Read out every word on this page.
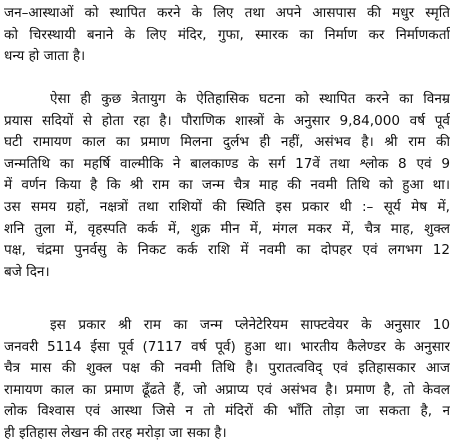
जन–आस्थाओं को स्थापित करने के लिए तथा अपने आसपास की मधुर स्मृति
को चिरस्थायी बनाने के लिए मंदिर, गुफा, स्मारक का निर्माण कर निर्माणकर्ता
धन्य हो जाता है।
ऐसा ही कुछ त्रेतायुग के ऐतिहासिक घटना को स्थापित करने का विनम्र
प्रयास सदियों से होता रहा है। पौराणिक शास्त्रों के अनुसार 9,84,000 वर्ष पूर्व
घटी रामायण काल का प्रमाण मिलना दुर्लभ ही नहीं, असंभव है। श्री राम की
जन्मतिथि का महर्षि वाल्मीकि ने बालकाण्ड के सर्ग 17वें तथा श्लोक 8 एवं 9
में वर्णन किया है कि श्री राम का जन्म चैत्र माह की नवमी तिथि को हुआ था।
उस समय ग्रहों, नक्षत्रों तथा राशियों की स्थिति इस प्रकार थी :– सूर्य मेष में,
शनि तुला में, वृहस्पति कर्क में, शुक्र मीन में, मंगल मकर में, चैत्र माह, शुक्ल
पक्ष, चंद्रमा पुनर्वसु के निकट कर्क राशि में नवमी का दोपहर एवं लगभग 12
बजे दिन।
इस प्रकार श्री राम का जन्म प्लेनेटेरियम साफ्टवेयर के अनुसार 10
जनवरी 5114 ईसा पूर्व (7117 वर्ष पूर्व) हुआ था। भारतीय कैलेण्डर के अनुसार
चैत्र मास की शुक्ल पक्ष की नवमी तिथि है। पुरातत्वविद् एवं इतिहासकार आज
रामायण काल का प्रमाण ढूँढते हैं, जो अप्राप्य एवं असंभव है। प्रमाण है, तो केवल
लोक विश्वास एवं आस्था जिसे न तो मंदिरों की भाँति तोड़ा जा सकता है, न
ही इतिहास लेखन की तरह मरोड़ा जा सका है।
